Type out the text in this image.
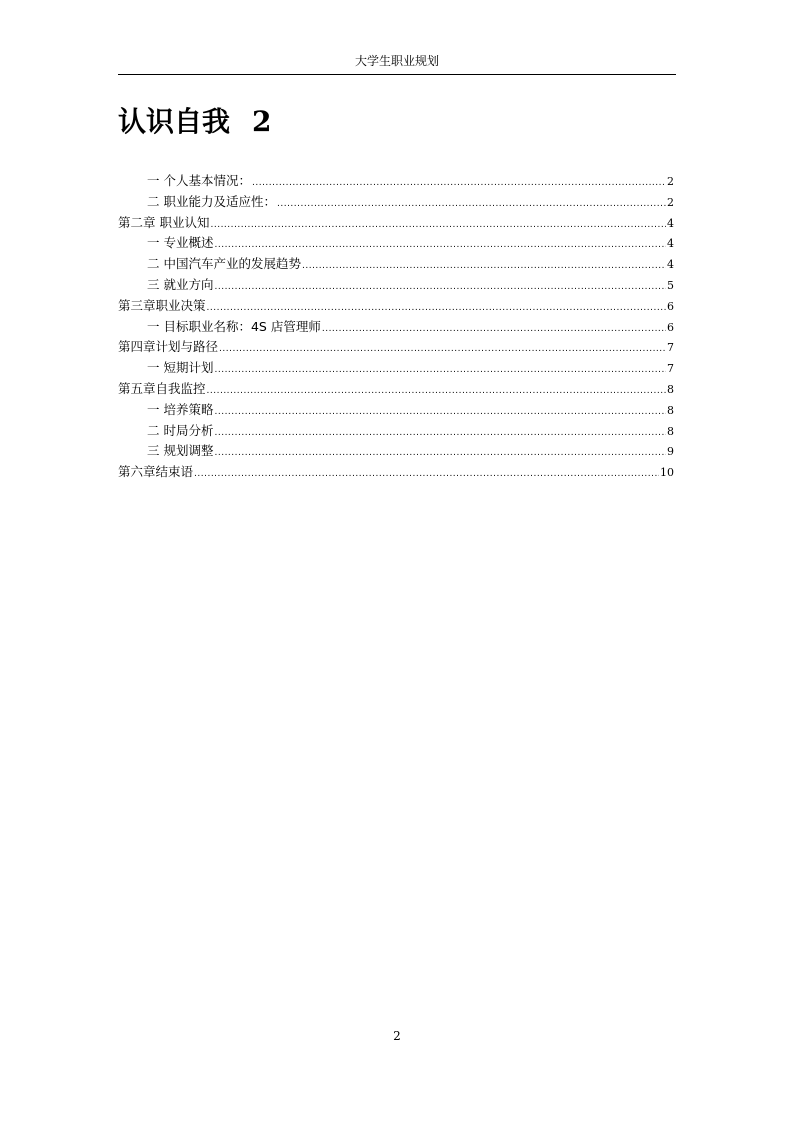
大学生职业规划
认识自我 2
一 个人基本情况： .....	2
二 职业能力及适应性： .....	2
第二章 职业认知 .....	4
一 专业概述 .....	4
二 中国汽车产业的发展趋势 .....	4
三 就业方向 .....	5
第三章职业决策 .....	6
一 目标职业名称：4S 店管理师 .....	6
第四章计划与路径 .....	7
一 短期计划 .....	7
第五章自我监控 .....	8
一 培养策略 .....	8
二 时局分析 .....	8
三 规划调整 .....	9
第六章结束语 .....	10
2
